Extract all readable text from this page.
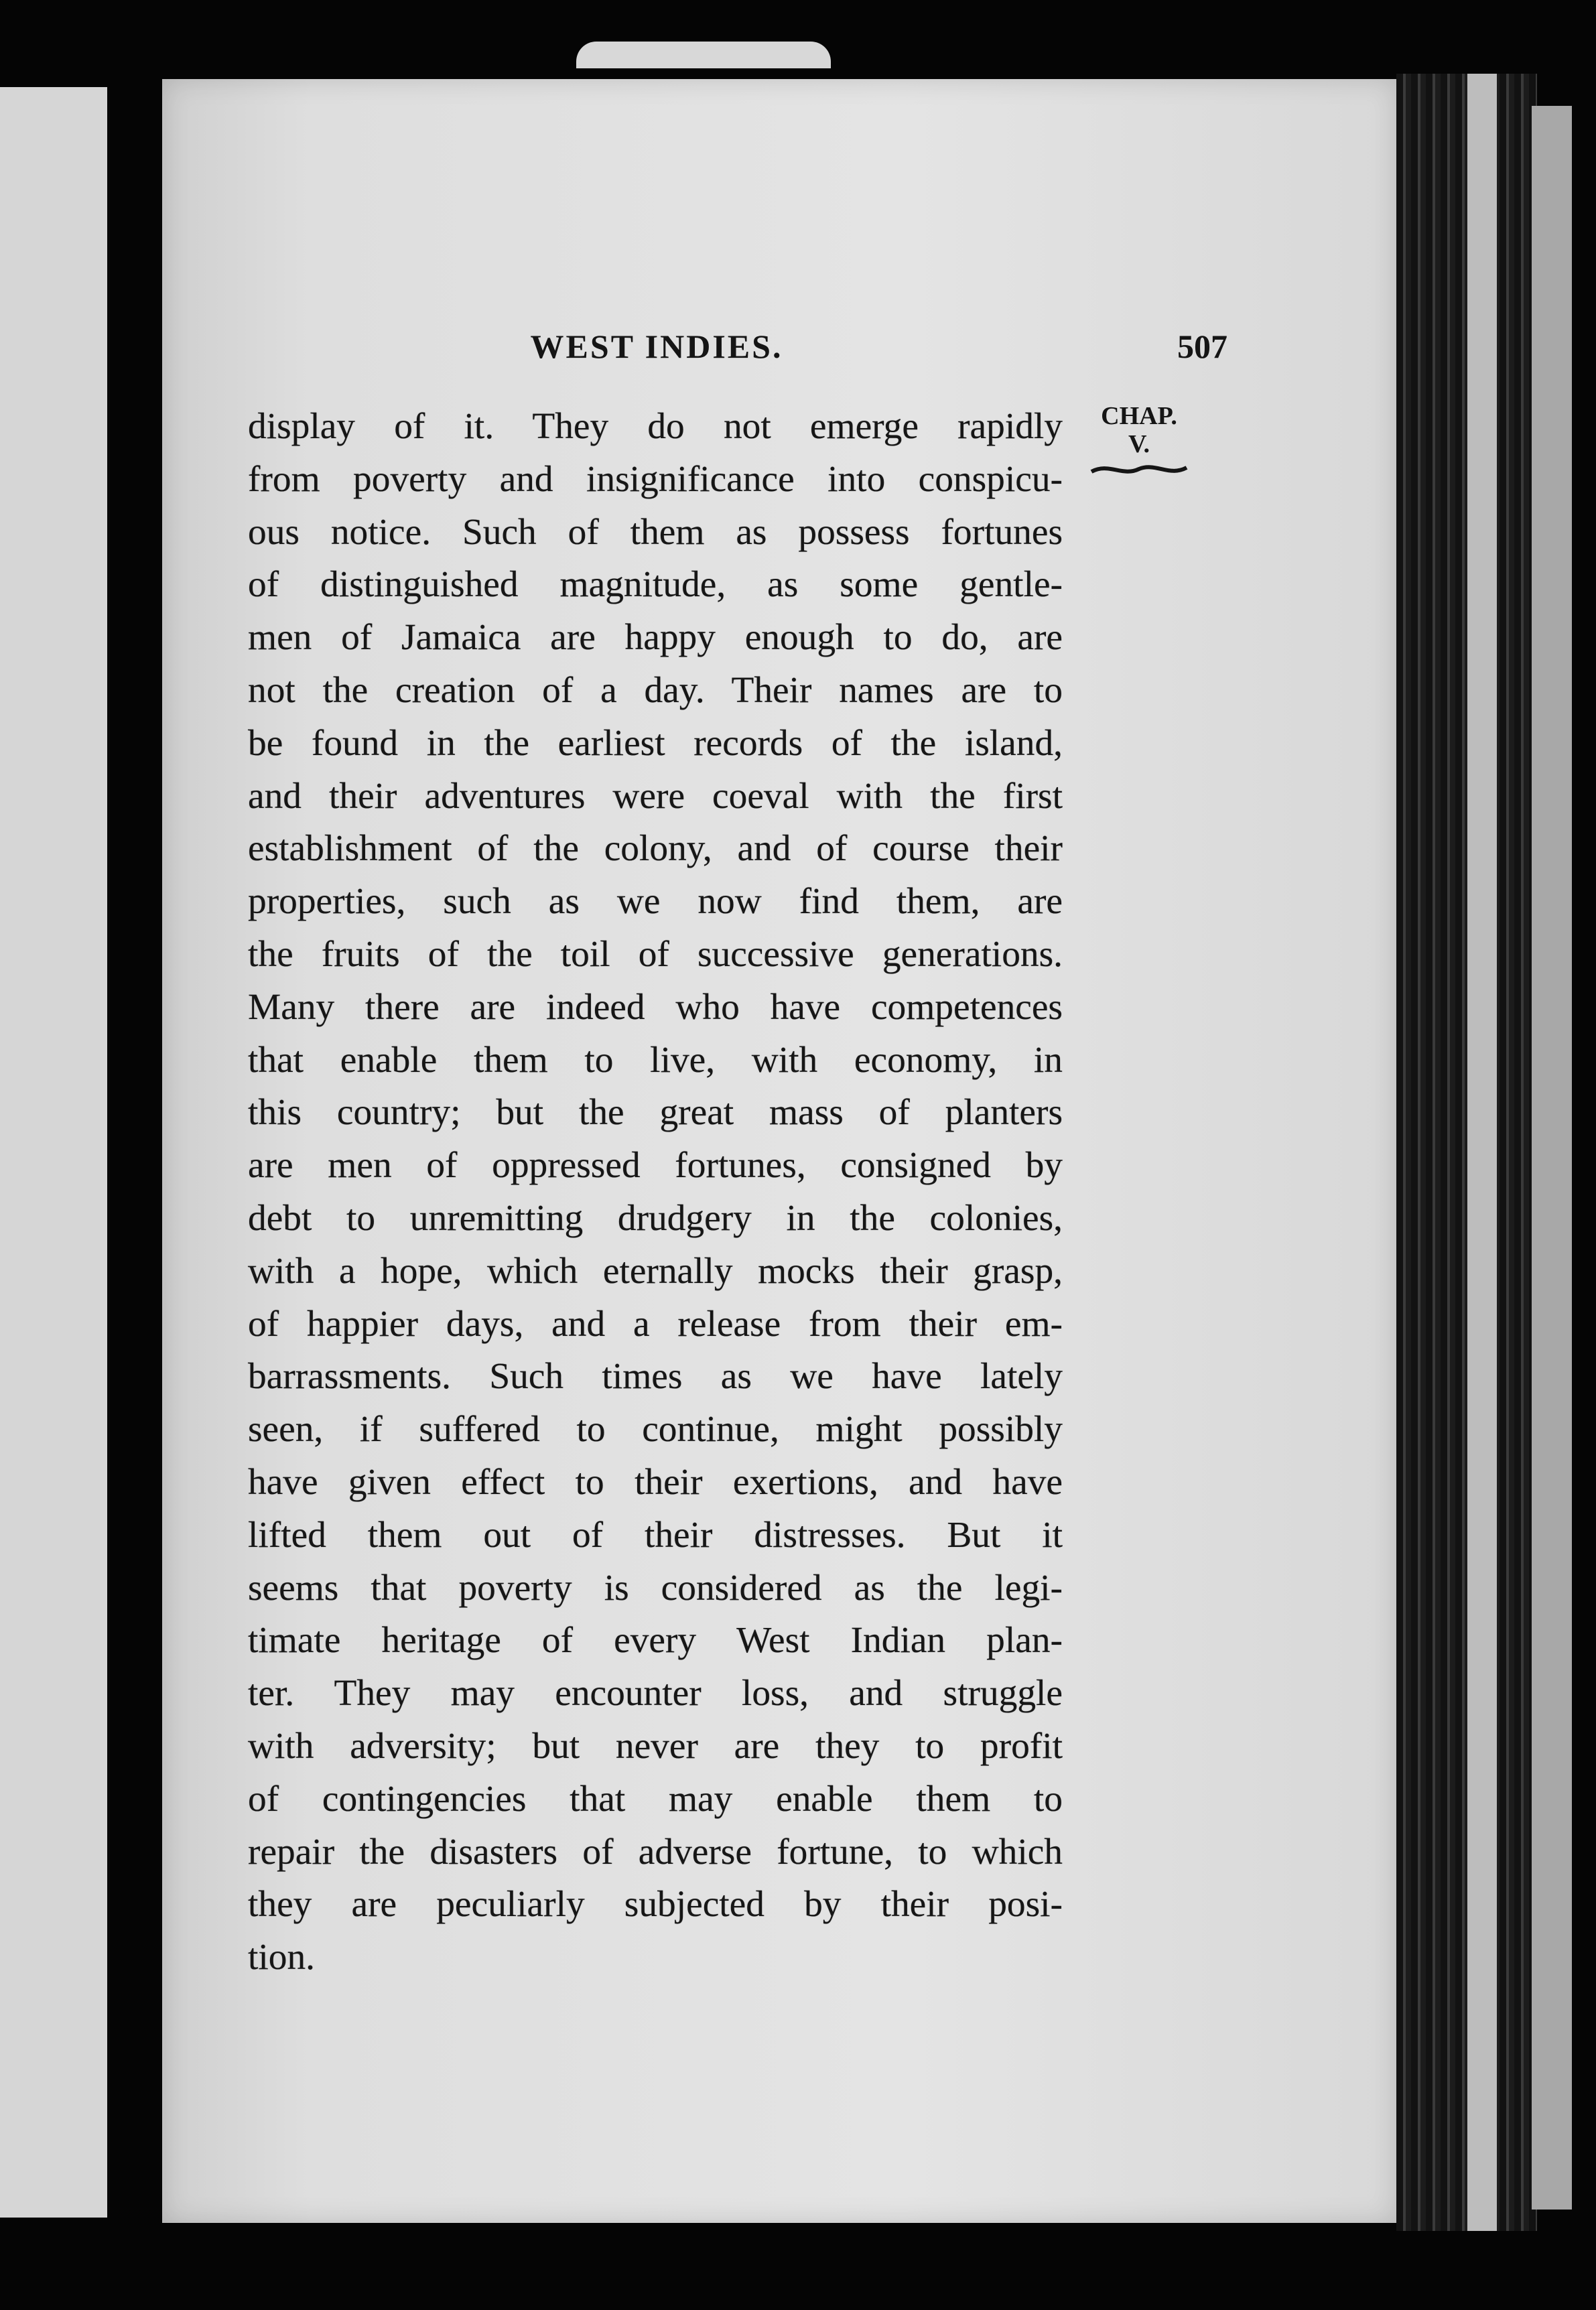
WEST INDIES.	507
CHAP.
V.
display of it. They do not emerge rapidly
from poverty and insignificance into conspicu-
ous notice. Such of them as possess fortunes
of distinguished magnitude, as some gentle-
men of Jamaica are happy enough to do, are
not the creation of a day. Their names are to
be found in the earliest records of the island,
and their adventures were coeval with the first
establishment of the colony, and of course their
properties, such as we now find them, are
the fruits of the toil of successive generations.
Many there are indeed who have competences
that enable them to live, with economy, in
this country; but the great mass of planters
are men of oppressed fortunes, consigned by
debt to unremitting drudgery in the colonies,
with a hope, which eternally mocks their grasp,
of happier days, and a release from their em-
barrassments. Such times as we have lately
seen, if suffered to continue, might possibly
have given effect to their exertions, and have
lifted them out of their distresses. But it
seems that poverty is considered as the legi-
timate heritage of every West Indian plan-
ter. They may encounter loss, and struggle
with adversity; but never are they to profit
of contingencies that may enable them to
repair the disasters of adverse fortune, to which
they are peculiarly subjected by their posi-
tion.
